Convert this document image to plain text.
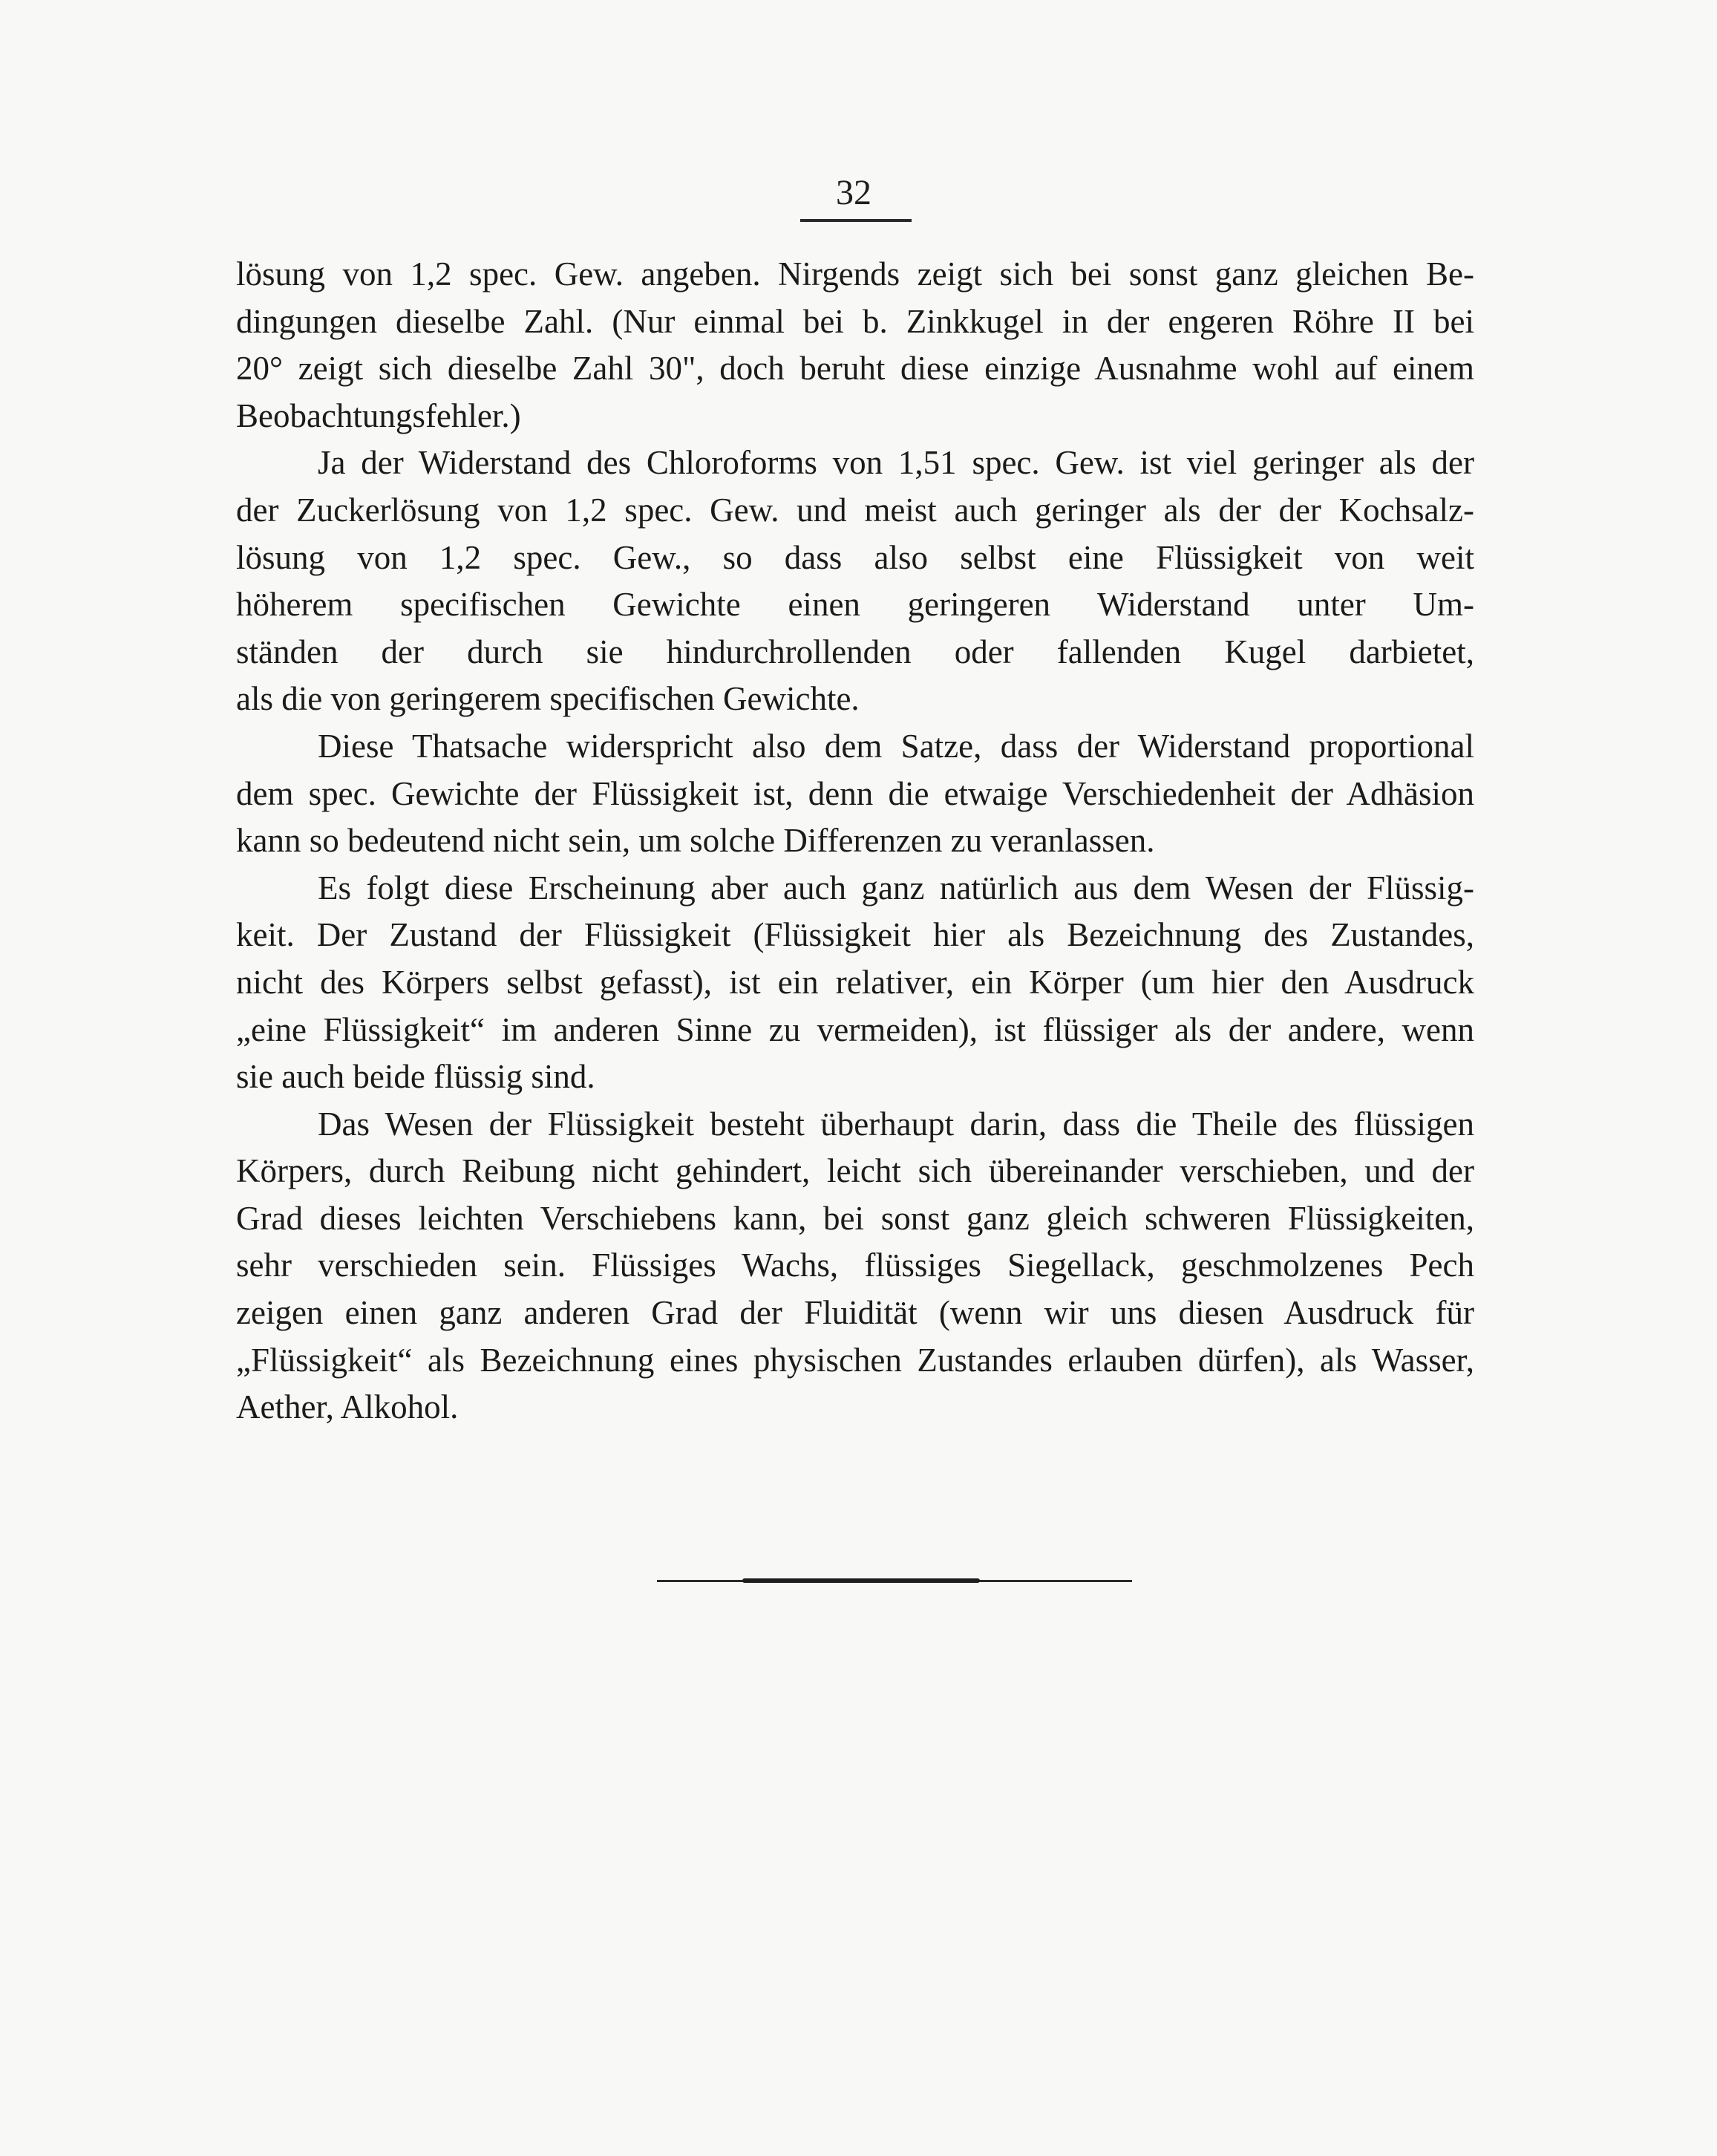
32
lösung von 1,2 spec. Gew. angeben. Nirgends zeigt sich bei sonst ganz gleichen Be-
dingungen dieselbe Zahl. (Nur einmal bei b. Zinkkugel in der engeren Röhre II bei
20° zeigt sich dieselbe Zahl 30", doch beruht diese einzige Ausnahme wohl auf einem
Beobachtungsfehler.)
Ja der Widerstand des Chloroforms von 1,51 spec. Gew. ist viel geringer als der
der Zuckerlösung von 1,2 spec. Gew. und meist auch geringer als der der Kochsalz-
lösung von 1,2 spec. Gew., so dass also selbst eine Flüssigkeit von weit
höherem specifischen Gewichte einen geringeren Widerstand unter Um-
ständen der durch sie hindurchrollenden oder fallenden Kugel darbietet,
als die von geringerem specifischen Gewichte.
Diese Thatsache widerspricht also dem Satze, dass der Widerstand proportional
dem spec. Gewichte der Flüssigkeit ist, denn die etwaige Verschiedenheit der Adhäsion
kann so bedeutend nicht sein, um solche Differenzen zu veranlassen.
Es folgt diese Erscheinung aber auch ganz natürlich aus dem Wesen der Flüssig-
keit. Der Zustand der Flüssigkeit (Flüssigkeit hier als Bezeichnung des Zustandes,
nicht des Körpers selbst gefasst), ist ein relativer, ein Körper (um hier den Ausdruck
„eine Flüssigkeit“ im anderen Sinne zu vermeiden), ist flüssiger als der andere, wenn
sie auch beide flüssig sind.
Das Wesen der Flüssigkeit besteht überhaupt darin, dass die Theile des flüssigen
Körpers, durch Reibung nicht gehindert, leicht sich übereinander verschieben, und der
Grad dieses leichten Verschiebens kann, bei sonst ganz gleich schweren Flüssigkeiten,
sehr verschieden sein. Flüssiges Wachs, flüssiges Siegellack, geschmolzenes Pech
zeigen einen ganz anderen Grad der Fluidität (wenn wir uns diesen Ausdruck für
„Flüssigkeit“ als Bezeichnung eines physischen Zustandes erlauben dürfen), als Wasser,
Aether, Alkohol.
